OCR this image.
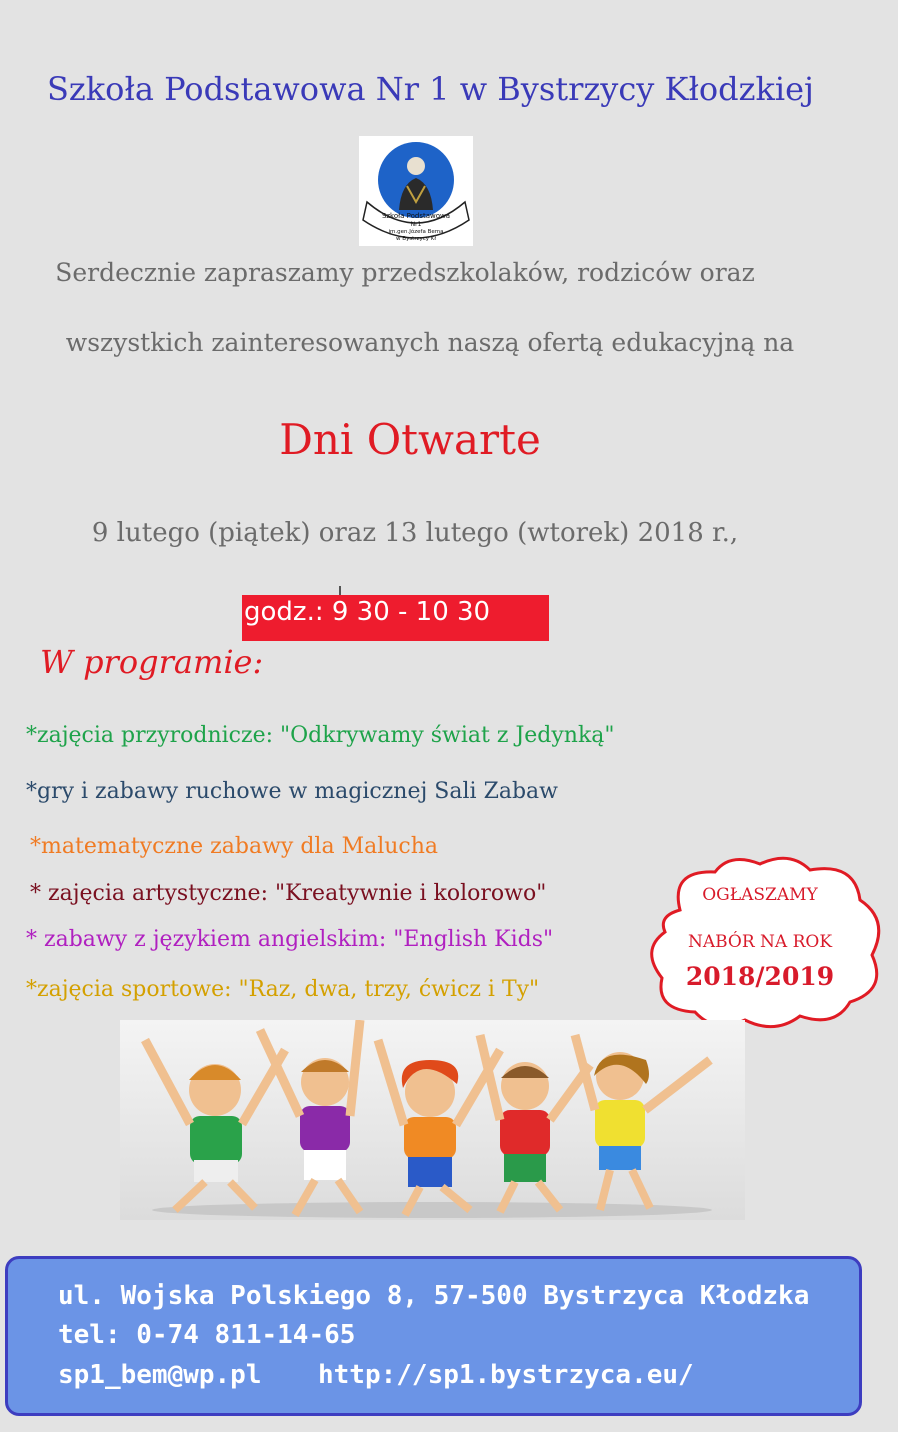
Szkoła Podstawowa Nr 1 w Bystrzycy Kłodzkiej
Szkoła Podstawowa
Nr1
im.gen.Józefa Bema
w Bystrzycy Kł
Serdecznie zapraszamy przedszkolaków, rodziców oraz
wszystkich zainteresowanych naszą ofertą edukacyjną na
Dni Otwarte
9 lutego (piątek) oraz 13 lutego (wtorek) 2018 r.,
godz.: 9 30 - 10 30
W programie:
*zajęcia przyrodnicze: "Odkrywamy świat z Jedynką"
*gry i zabawy ruchowe w magicznej Sali Zabaw
*matematyczne zabawy dla Malucha
* zajęcia artystyczne: "Kreatywnie i kolorowo"
* zabawy z językiem angielskim: "English Kids"
*zajęcia sportowe: "Raz, dwa, trzy, ćwicz i Ty"
OGŁASZAMY
NABÓR NA ROK
2018/2019
ul. Wojska Polskiego 8, 57-500 Bystrzyca Kłodzka
tel: 0-74 811-14-65
sp1_bem@wp.pl http://sp1.bystrzyca.eu/
